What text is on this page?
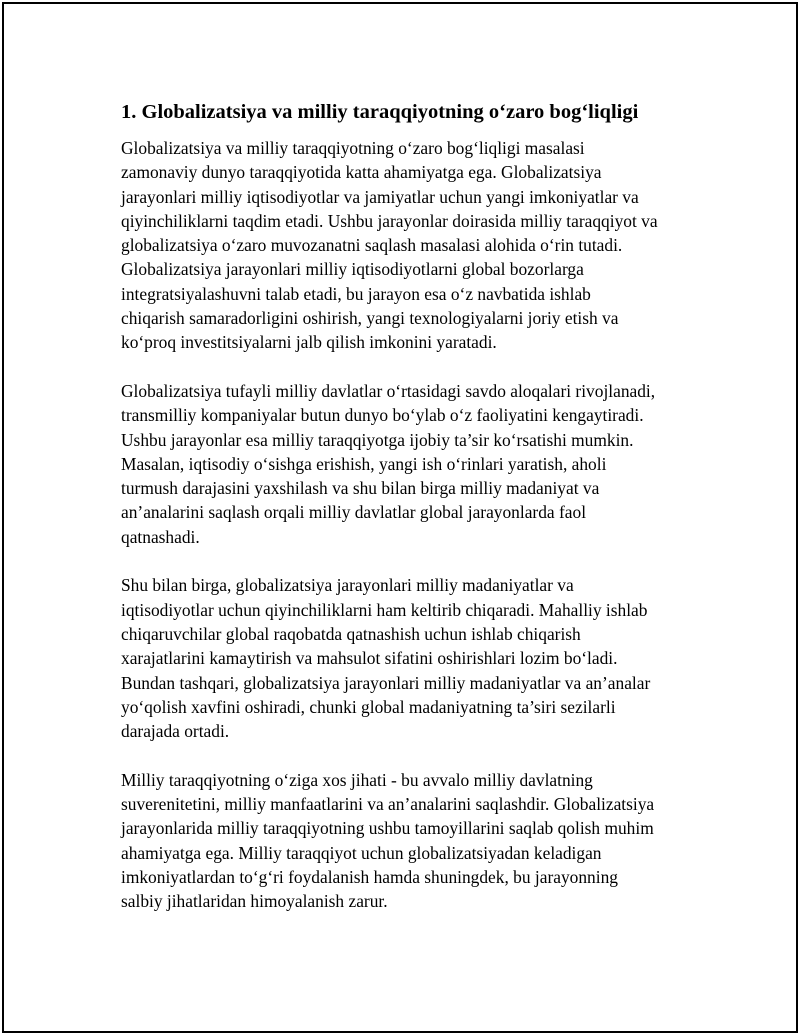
1. Globalizatsiya va milliy taraqqiyotning o‘zaro bog‘liqligi

Globalizatsiya va milliy taraqqiyotning o‘zaro bog‘liqligi masalasi
zamonaviy dunyo taraqqiyotida katta ahamiyatga ega. Globalizatsiya
jarayonlari milliy iqtisodiyotlar va jamiyatlar uchun yangi imkoniyatlar va
qiyinchiliklarni taqdim etadi. Ushbu jarayonlar doirasida milliy taraqqiyot va
globalizatsiya o‘zaro muvozanatni saqlash masalasi alohida o‘rin tutadi.
Globalizatsiya jarayonlari milliy iqtisodiyotlarni global bozorlarga
integratsiyalashuvni talab etadi, bu jarayon esa o‘z navbatida ishlab
chiqarish samaradorligini oshirish, yangi texnologiyalarni joriy etish va
ko‘proq investitsiyalarni jalb qilish imkonini yaratadi.

Globalizatsiya tufayli milliy davlatlar o‘rtasidagi savdo aloqalari rivojlanadi,
transmilliy kompaniyalar butun dunyo bo‘ylab o‘z faoliyatini kengaytiradi.
Ushbu jarayonlar esa milliy taraqqiyotga ijobiy ta’sir ko‘rsatishi mumkin.
Masalan, iqtisodiy o‘sishga erishish, yangi ish o‘rinlari yaratish, aholi
turmush darajasini yaxshilash va shu bilan birga milliy madaniyat va
an’analarini saqlash orqali milliy davlatlar global jarayonlarda faol
qatnashadi.

Shu bilan birga, globalizatsiya jarayonlari milliy madaniyatlar va
iqtisodiyotlar uchun qiyinchiliklarni ham keltirib chiqaradi. Mahalliy ishlab
chiqaruvchilar global raqobatda qatnashish uchun ishlab chiqarish
xarajatlarini kamaytirish va mahsulot sifatini oshirishlari lozim bo‘ladi.
Bundan tashqari, globalizatsiya jarayonlari milliy madaniyatlar va an’analar
yo‘qolish xavfini oshiradi, chunki global madaniyatning ta’siri sezilarli
darajada ortadi.

Milliy taraqqiyotning o‘ziga xos jihati - bu avvalo milliy davlatning
suverenitetini, milliy manfaatlarini va an’analarini saqlashdir. Globalizatsiya
jarayonlarida milliy taraqqiyotning ushbu tamoyillarini saqlab qolish muhim
ahamiyatga ega. Milliy taraqqiyot uchun globalizatsiyadan keladigan
imkoniyatlardan to‘g‘ri foydalanish hamda shuningdek, bu jarayonning
salbiy jihatlaridan himoyalanish zarur.
